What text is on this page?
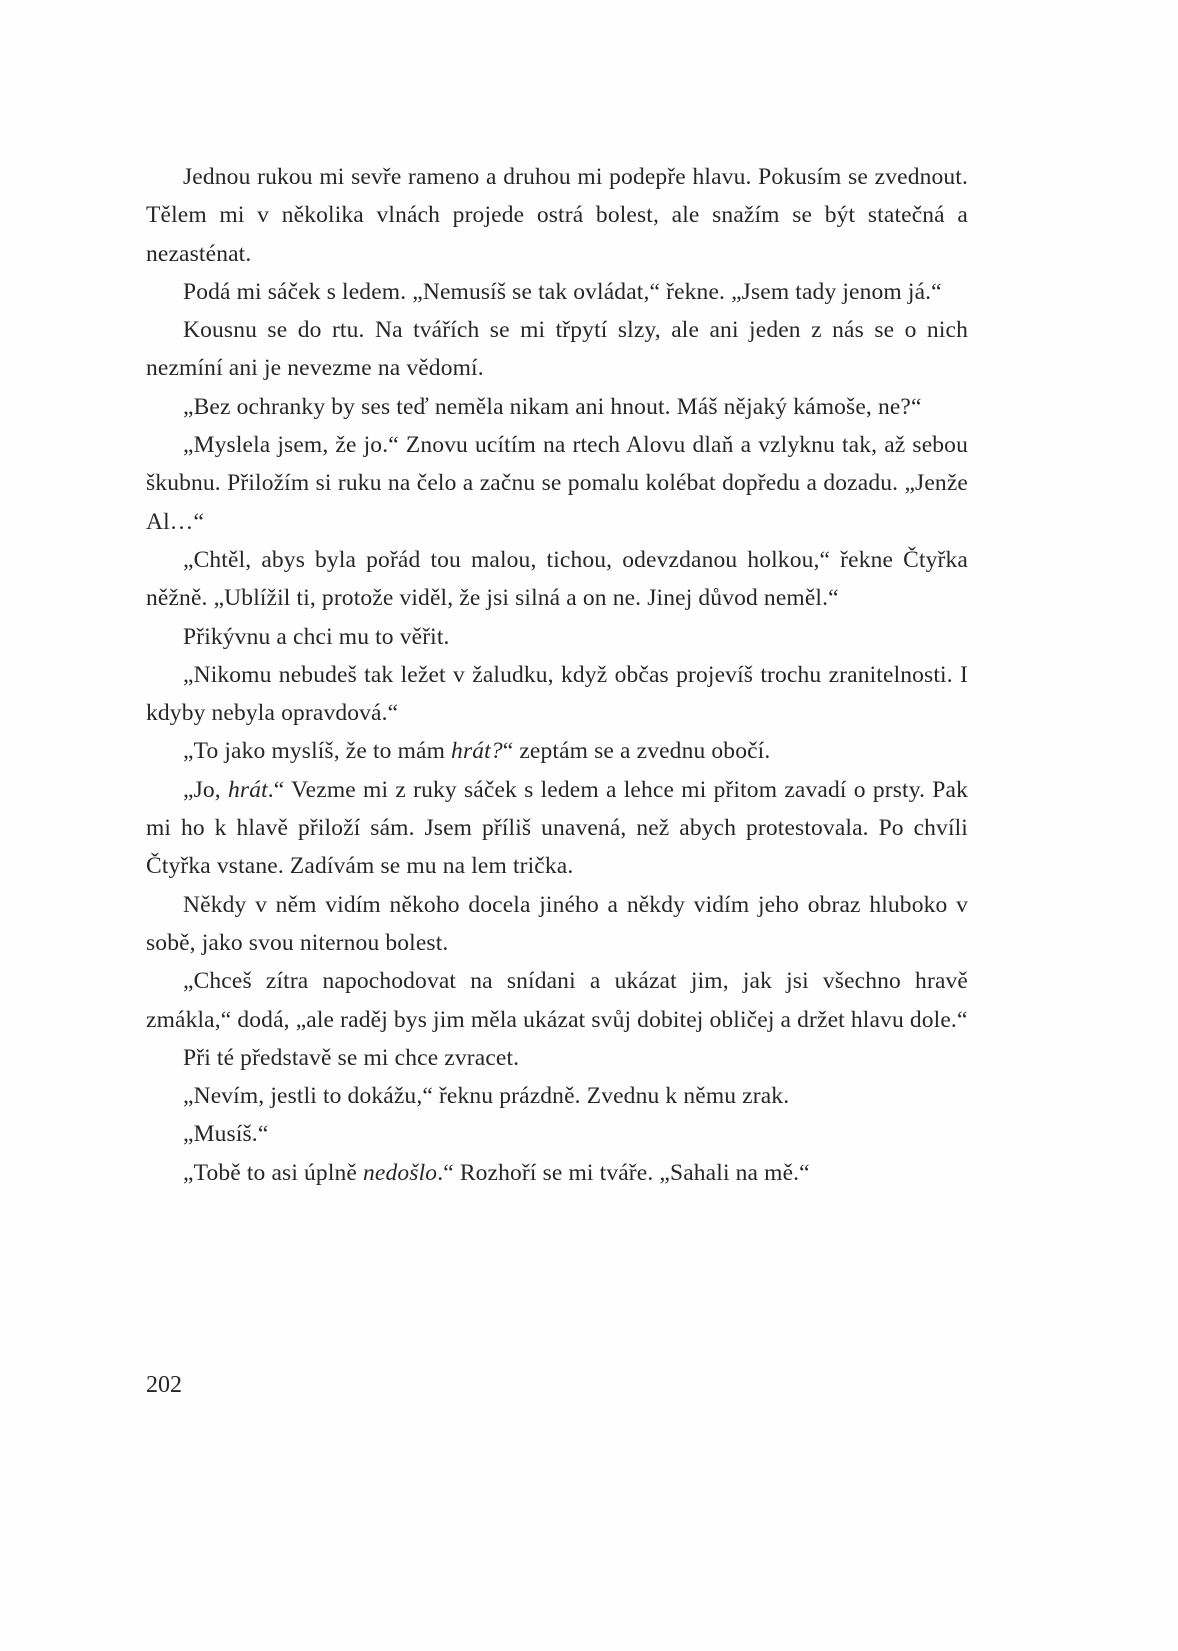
Jednou rukou mi sevře rameno a druhou mi podepře hlavu. Pokusím se zvednout. Tělem mi v několika vlnách projede ostrá bolest, ale snažím se být statečná a nezasténat.

Podá mi sáček s ledem. „Nemusíš se tak ovládat,“ řekne. „Jsem tady jenom já.“

Kousnu se do rtu. Na tvářích se mi třpytí slzy, ale ani jeden z nás se o nich nezmíní ani je nevezme na vědomí.

„Bez ochranky by ses teď neměla nikam ani hnout. Máš nějaký kámoše, ne?“

„Myslela jsem, že jo.“ Znovu ucítím na rtech Alovu dlaň a vzlyknu tak, až sebou škubnu. Přiložím si ruku na čelo a začnu se pomalu kolébat dopředu a dozadu. „Jenže Al…“

„Chtěl, abys byla pořád tou malou, tichou, odevzdanou holkou,“ řekne Čtyřka něžně. „Ublížil ti, protože viděl, že jsi silná a on ne. Jinej důvod neměl.“

Přikývnu a chci mu to věřit.

„Nikomu nebudeš tak ležet v žaludku, když občas projevíš trochu zranitelnosti. I kdyby nebyla opravdová.“

„To jako myslíš, že to mám hrát?“ zeptám se a zvednu obočí.

„Jo, hrát.“ Vezme mi z ruky sáček s ledem a lehce mi přitom zavadí o prsty. Pak mi ho k hlavě přiloží sám. Jsem příliš unavená, než abych protestovala. Po chvíli Čtyřka vstane. Zadívám se mu na lem trička.

Někdy v něm vidím někoho docela jiného a někdy vidím jeho obraz hluboko v sobě, jako svou niternou bolest.

„Chceš zítra napochodovat na snídani a ukázat jim, jak jsi všechno hravě zmákla,“ dodá, „ale raděj bys jim měla ukázat svůj dobitej obličej a držet hlavu dole.“

Při té představě se mi chce zvracet.

„Nevím, jestli to dokážu,“ řeknu prázdně. Zvednu k němu zrak.

„Musíš.“

„Tobě to asi úplně nedošlo.“ Rozhoří se mi tváře. „Sahali na mě.“

202
